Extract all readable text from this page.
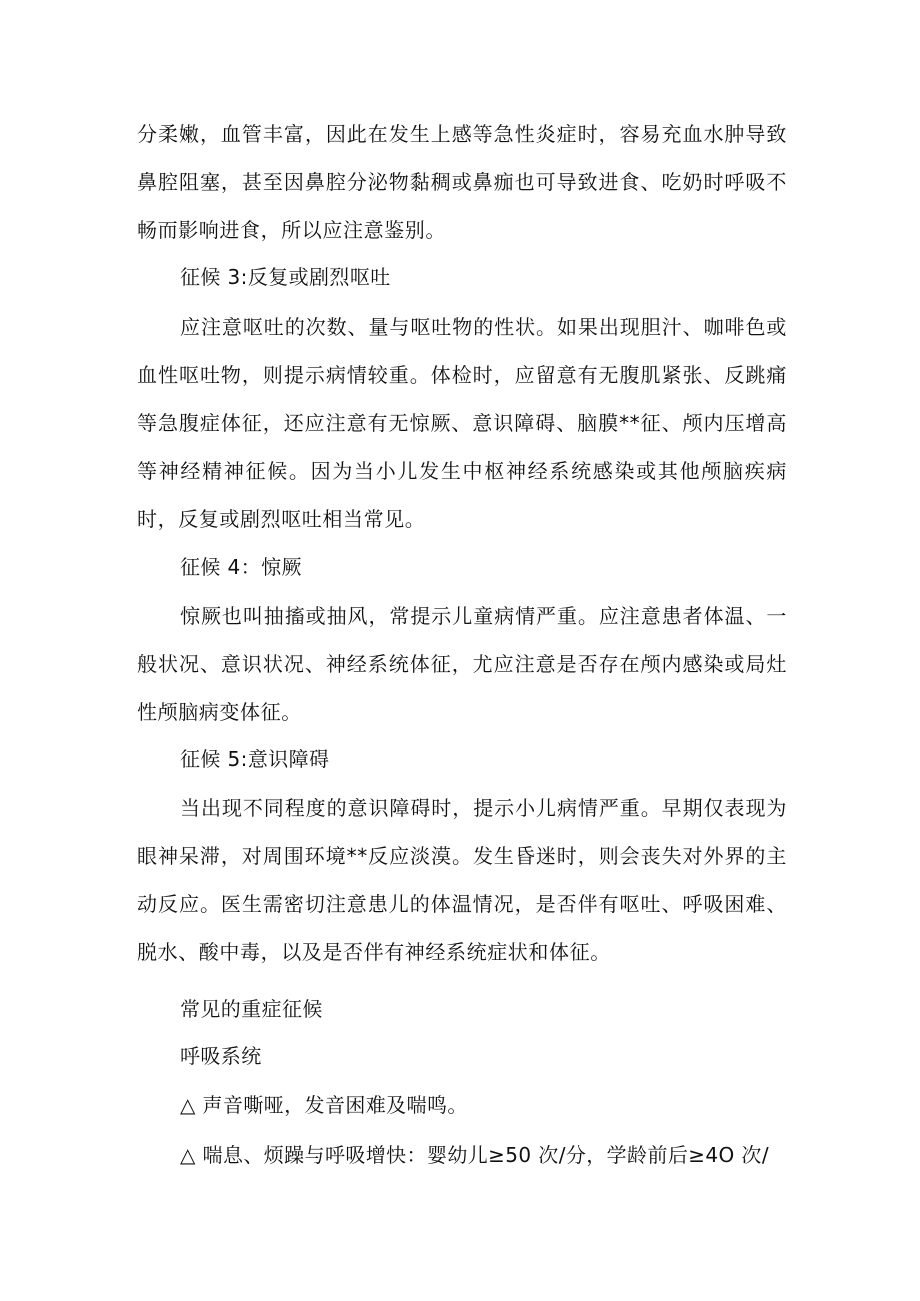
分柔嫩，血管丰富，因此在发生上感等急性炎症时，容易充血水肿导致鼻腔阻塞，甚至因鼻腔分泌物黏稠或鼻痂也可导致进食、吃奶时呼吸不畅而影响进食，所以应注意鉴别。

征候 3:反复或剧烈呕吐

应注意呕吐的次数、量与呕吐物的性状。如果出现胆汁、咖啡色或血性呕吐物，则提示病情较重。体检时，应留意有无腹肌紧张、反跳痛等急腹症体征，还应注意有无惊厥、意识障碍、脑膜**征、颅内压增高等神经精神征候。因为当小儿发生中枢神经系统感染或其他颅脑疾病时，反复或剧烈呕吐相当常见。

征候 4：惊厥

惊厥也叫抽搐或抽风，常提示儿童病情严重。应注意患者体温、一般状况、意识状况、神经系统体征，尤应注意是否存在颅内感染或局灶性颅脑病变体征。

征候 5:意识障碍

当出现不同程度的意识障碍时，提示小儿病情严重。早期仅表现为眼神呆滞，对周围环境**反应淡漠。发生昏迷时，则会丧失对外界的主动反应。医生需密切注意患儿的体温情况，是否伴有呕吐、呼吸困难、脱水、酸中毒，以及是否伴有神经系统症状和体征。

常见的重症征候

呼吸系统

△ 声音嘶哑，发音困难及喘鸣。

△ 喘息、烦躁与呼吸增快：婴幼儿≥50 次/分，学龄前后≥4O 次/
